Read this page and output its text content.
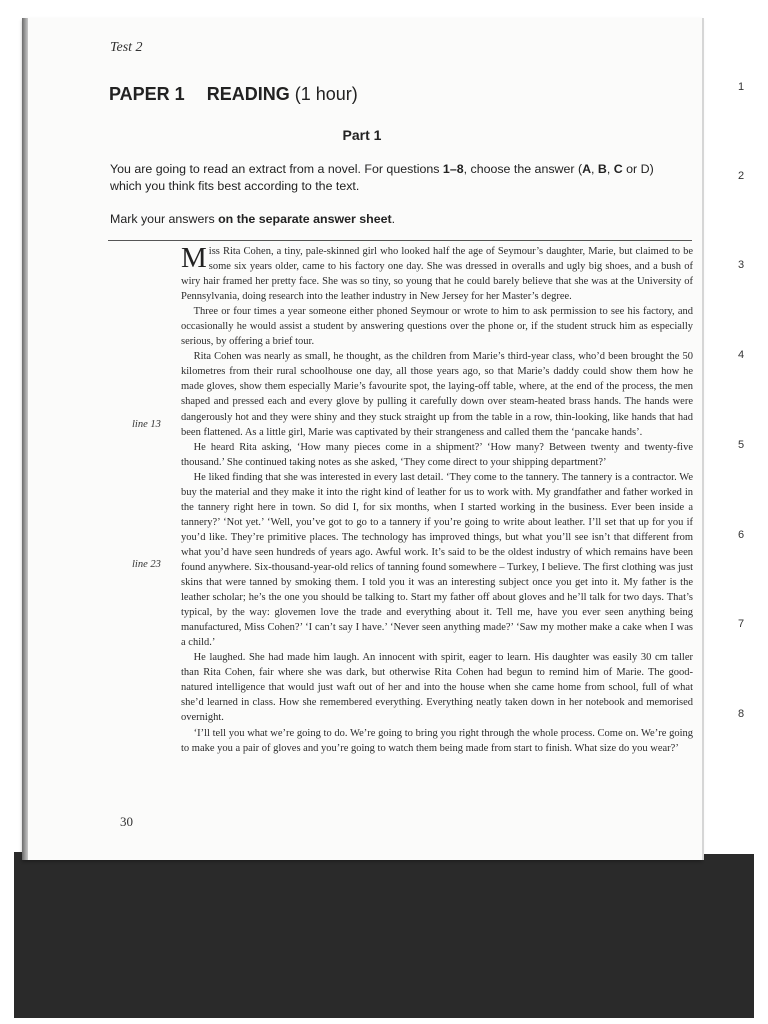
Test 2
PAPER 1 READING (1 hour)
Part 1

You are going to read an extract from a novel. For questions 1–8, choose the answer (A, B, C or D) which you think fits best according to the text.

Mark your answers on the separate answer sheet.

Miss Rita Cohen, a tiny, pale-skinned girl who looked half the age of Seymour’s daughter, Marie, but claimed to be some six years older, came to his factory one day. She was dressed in overalls and ugly big shoes, and a bush of wiry hair framed her pretty face. She was so tiny, so young that he could barely believe that she was at the University of Pennsylvania, doing research into the leather industry in New Jersey for her Master’s degree.

Three or four times a year someone either phoned Seymour or wrote to him to ask permission to see his factory, and occasionally he would assist a student by answering questions over the phone or, if the student struck him as especially serious, by offering a brief tour.

Rita Cohen was nearly as small, he thought, as the children from Marie’s third-year class, who’d been brought the 50 kilometres from their rural schoolhouse one day, all those years ago, so that Marie’s daddy could show them how he made gloves, show them especially Marie’s favourite spot, the laying-off table, where, at the end of the process, the men shaped and pressed each and every glove by pulling it carefully down over steam-heated brass hands. The hands were dangerously hot and they were shiny and they stuck straight up from the table in a row, thin-looking, like hands that had been flattened. As a little girl, Marie was captivated by their strangeness and called them the ‘pancake hands’.

He heard Rita asking, ‘How many pieces come in a shipment?’ ‘How many? Between twenty and twenty-five thousand.’ She continued taking notes as she asked, ‘They come direct to your shipping department?’

He liked finding that she was interested in every last detail. ‘They come to the tannery. The tannery is a contractor. We buy the material and they make it into the right kind of leather for us to work with. My grandfather and father worked in the tannery right here in town. So did I, for six months, when I started working in the business. Ever been inside a tannery?’ ‘Not yet.’ ‘Well, you’ve got to go to a tannery if you’re going to write about leather. I’ll set that up for you if you’d like. They’re primitive places. The technology has improved things, but what you’ll see isn’t that different from what you’d have seen hundreds of years ago. Awful work. It’s said to be the oldest industry of which remains have been found anywhere. Six-thousand-year-old relics of tanning found somewhere – Turkey, I believe. The first clothing was just skins that were tanned by smoking them. I told you it was an interesting subject once you get into it. My father is the leather scholar; he’s the one you should be talking to. Start my father off about gloves and he’ll talk for two days. That’s typical, by the way: glovemen love the trade and everything about it. Tell me, have you ever seen anything being manufactured, Miss Cohen?’ ‘I can’t say I have.’ ‘Never seen anything made?’ ‘Saw my mother make a cake when I was a child.’

He laughed. She had made him laugh. An innocent with spirit, eager to learn. His daughter was easily 30 cm taller than Rita Cohen, fair where she was dark, but otherwise Rita Cohen had begun to remind him of Marie. The good-natured intelligence that would just waft out of her and into the house when she came home from school, full of what she’d learned in class. How she remembered everything. Everything neatly taken down in her notebook and memorised overnight.

‘I’ll tell you what we’re going to do. We’re going to bring you right through the whole process. Come on. We’re going to make you a pair of gloves and you’re going to watch them being made from start to finish. What size do you wear?’

line 13
line 23
30
1
2
3
4
5
6
7
8
